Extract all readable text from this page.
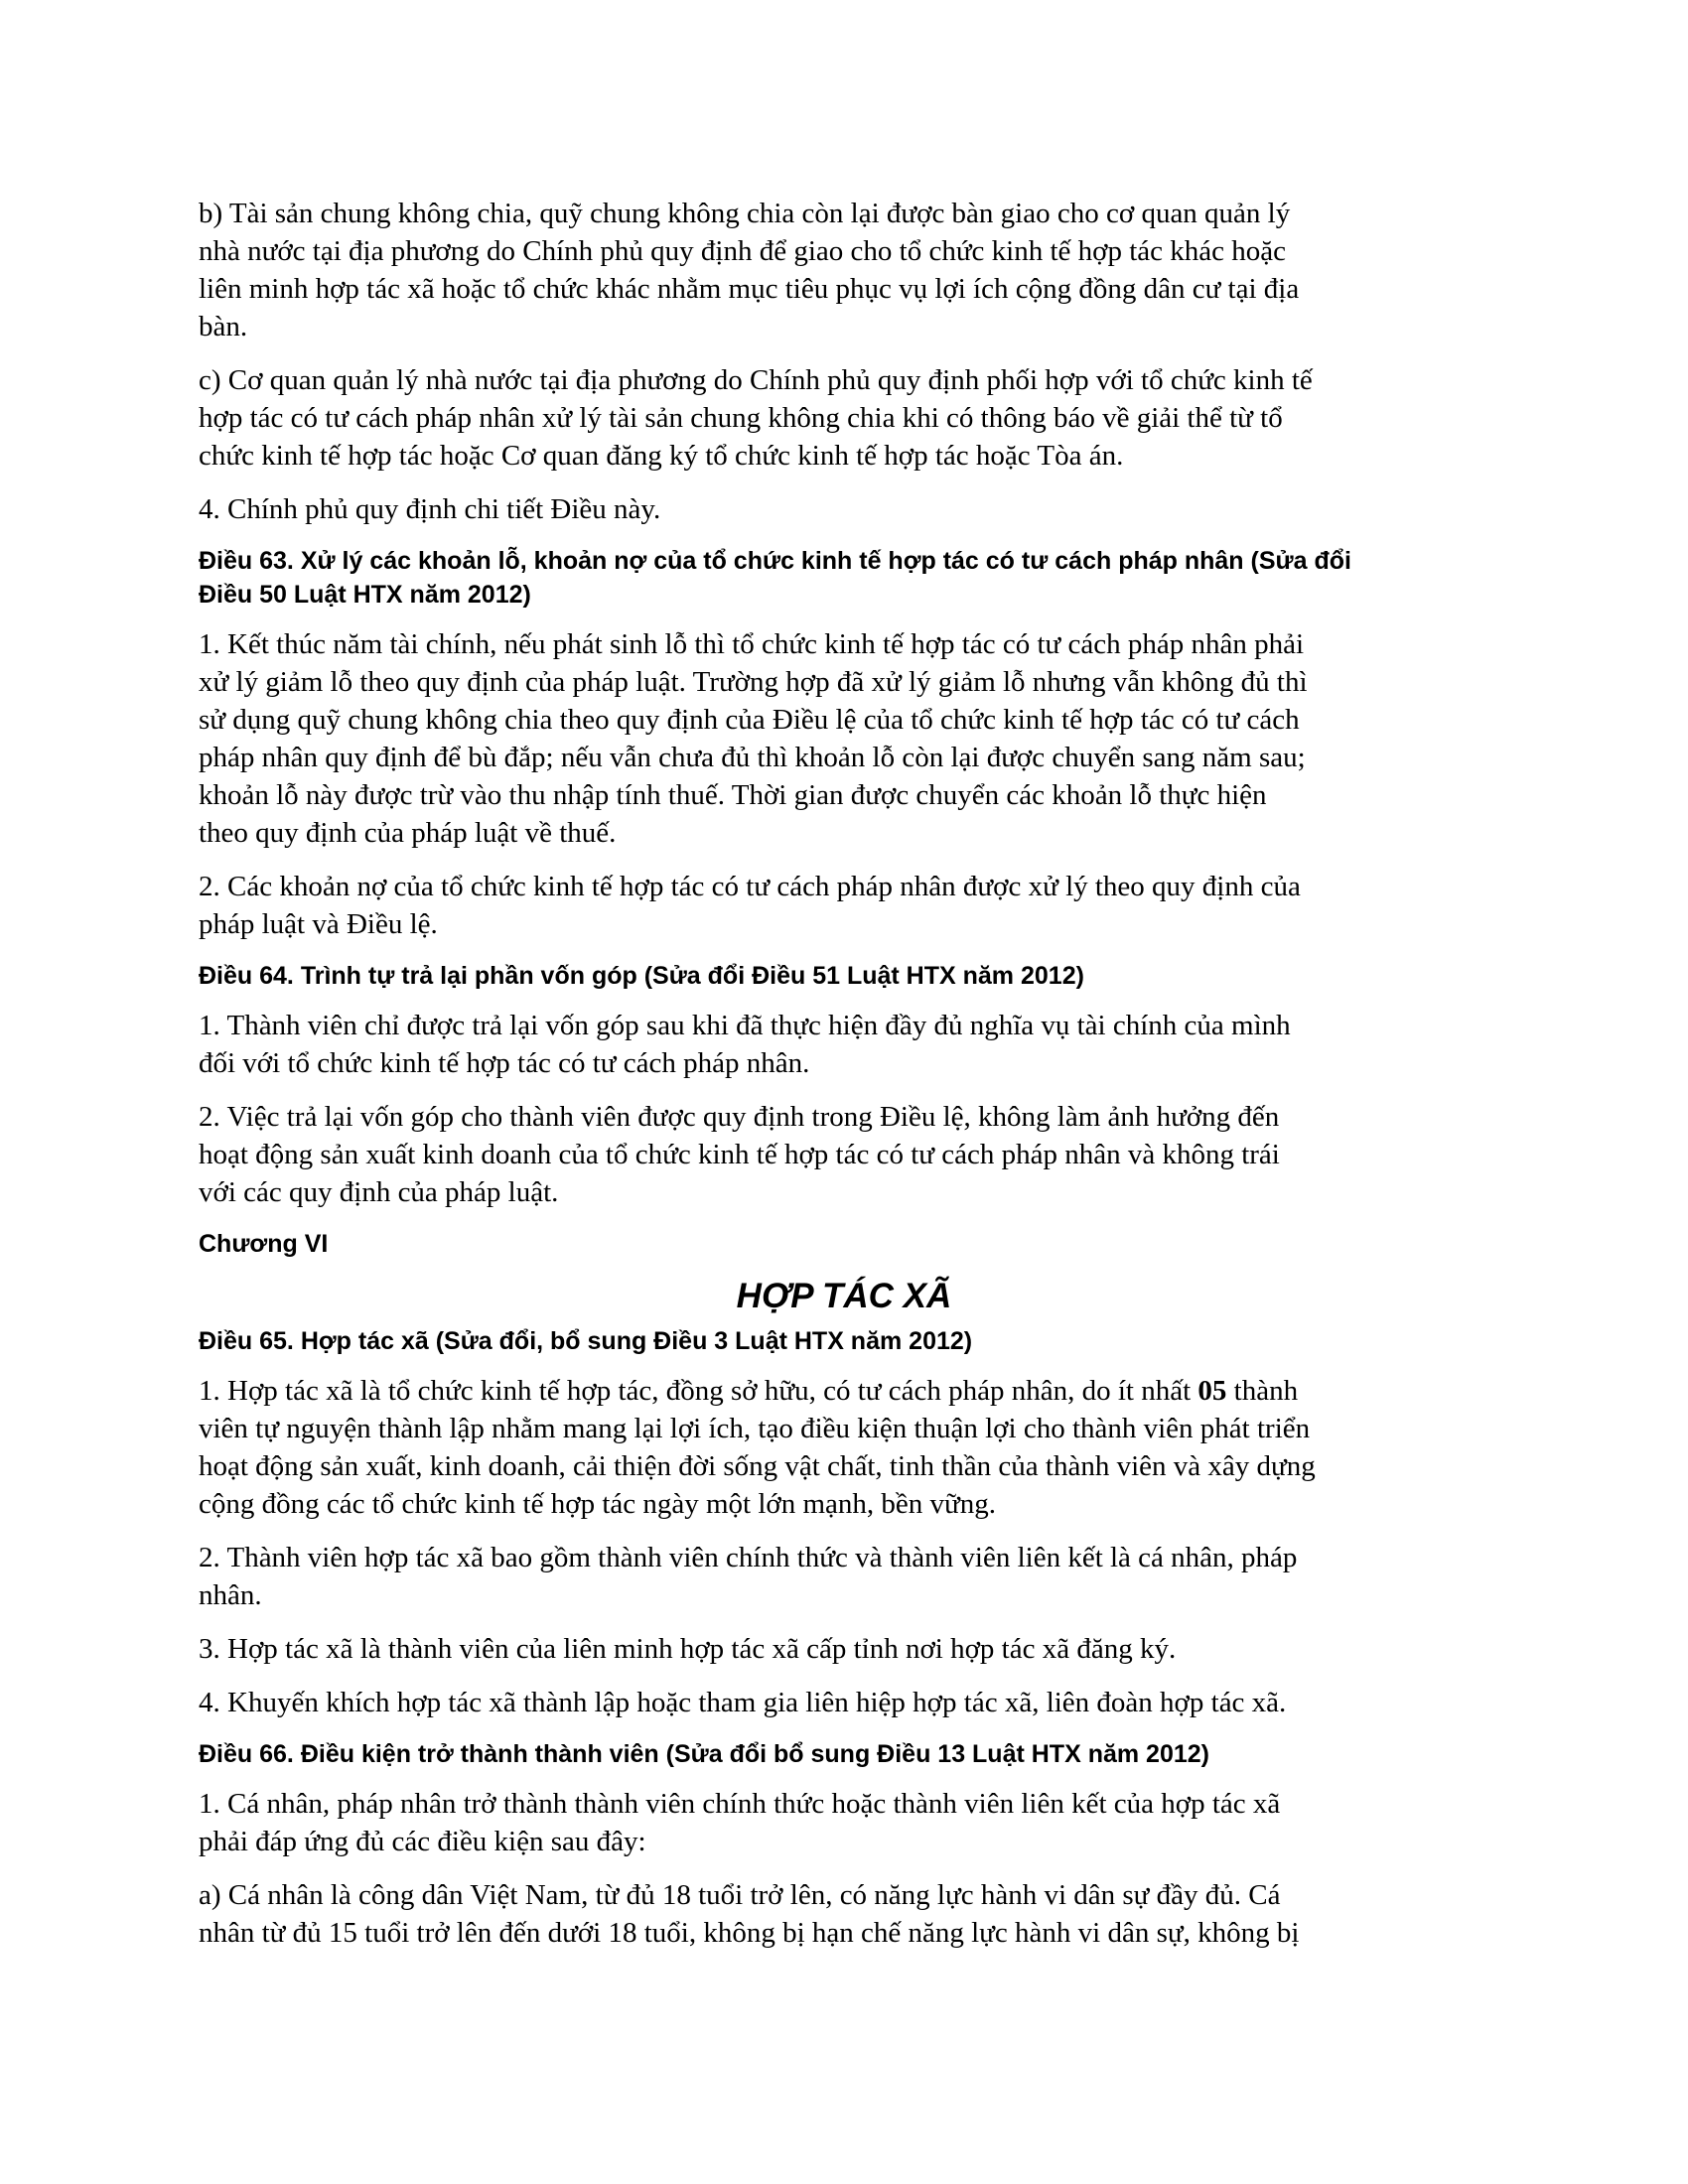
b) Tài sản chung không chia, quỹ chung không chia còn lại được bàn giao cho cơ quan quản lý
nhà nước tại địa phương do Chính phủ quy định để giao cho tổ chức kinh tế hợp tác khác hoặc
liên minh hợp tác xã hoặc tổ chức khác nhằm mục tiêu phục vụ lợi ích cộng đồng dân cư tại địa
bàn.

c) Cơ quan quản lý nhà nước tại địa phương do Chính phủ quy định phối hợp với tổ chức kinh tế
hợp tác có tư cách pháp nhân xử lý tài sản chung không chia khi có thông báo về giải thể từ tổ
chức kinh tế hợp tác hoặc Cơ quan đăng ký tổ chức kinh tế hợp tác hoặc Tòa án.

4. Chính phủ quy định chi tiết Điều này.

Điều 63. Xử lý các khoản lỗ, khoản nợ của tổ chức kinh tế hợp tác có tư cách pháp nhân (Sửa đổi
Điều 50 Luật HTX năm 2012)

1. Kết thúc năm tài chính, nếu phát sinh lỗ thì tổ chức kinh tế hợp tác có tư cách pháp nhân phải
xử lý giảm lỗ theo quy định của pháp luật. Trường hợp đã xử lý giảm lỗ nhưng vẫn không đủ thì
sử dụng quỹ chung không chia theo quy định của Điều lệ của tổ chức kinh tế hợp tác có tư cách
pháp nhân quy định để bù đắp; nếu vẫn chưa đủ thì khoản lỗ còn lại được chuyển sang năm sau;
khoản lỗ này được trừ vào thu nhập tính thuế. Thời gian được chuyển các khoản lỗ thực hiện
theo quy định của pháp luật về thuế.

2. Các khoản nợ của tổ chức kinh tế hợp tác có tư cách pháp nhân được xử lý theo quy định của
pháp luật và Điều lệ.

Điều 64. Trình tự trả lại phần vốn góp (Sửa đổi Điều 51 Luật HTX năm 2012)

1. Thành viên chỉ được trả lại vốn góp sau khi đã thực hiện đầy đủ nghĩa vụ tài chính của mình
đối với tổ chức kinh tế hợp tác có tư cách pháp nhân.

2. Việc trả lại vốn góp cho thành viên được quy định trong Điều lệ, không làm ảnh hưởng đến
hoạt động sản xuất kinh doanh của tổ chức kinh tế hợp tác có tư cách pháp nhân và không trái
với các quy định của pháp luật.

Chương VI

HỢP TÁC XÃ

Điều 65. Hợp tác xã (Sửa đổi, bổ sung Điều 3 Luật HTX năm 2012)

1. Hợp tác xã là tổ chức kinh tế hợp tác, đồng sở hữu, có tư cách pháp nhân, do ít nhất 05 thành
viên tự nguyện thành lập nhằm mang lại lợi ích, tạo điều kiện thuận lợi cho thành viên phát triển
hoạt động sản xuất, kinh doanh, cải thiện đời sống vật chất, tinh thần của thành viên và xây dựng
cộng đồng các tổ chức kinh tế hợp tác ngày một lớn mạnh, bền vững.

2. Thành viên hợp tác xã bao gồm thành viên chính thức và thành viên liên kết là cá nhân, pháp
nhân.

3. Hợp tác xã là thành viên của liên minh hợp tác xã cấp tỉnh nơi hợp tác xã đăng ký.

4. Khuyến khích hợp tác xã thành lập hoặc tham gia liên hiệp hợp tác xã, liên đoàn hợp tác xã.

Điều 66. Điều kiện trở thành thành viên (Sửa đổi bổ sung Điều 13 Luật HTX năm 2012)

1. Cá nhân, pháp nhân trở thành thành viên chính thức hoặc thành viên liên kết của hợp tác xã
phải đáp ứng đủ các điều kiện sau đây:

a) Cá nhân là công dân Việt Nam, từ đủ 18 tuổi trở lên, có năng lực hành vi dân sự đầy đủ. Cá
nhân từ đủ 15 tuổi trở lên đến dưới 18 tuổi, không bị hạn chế năng lực hành vi dân sự, không bị
